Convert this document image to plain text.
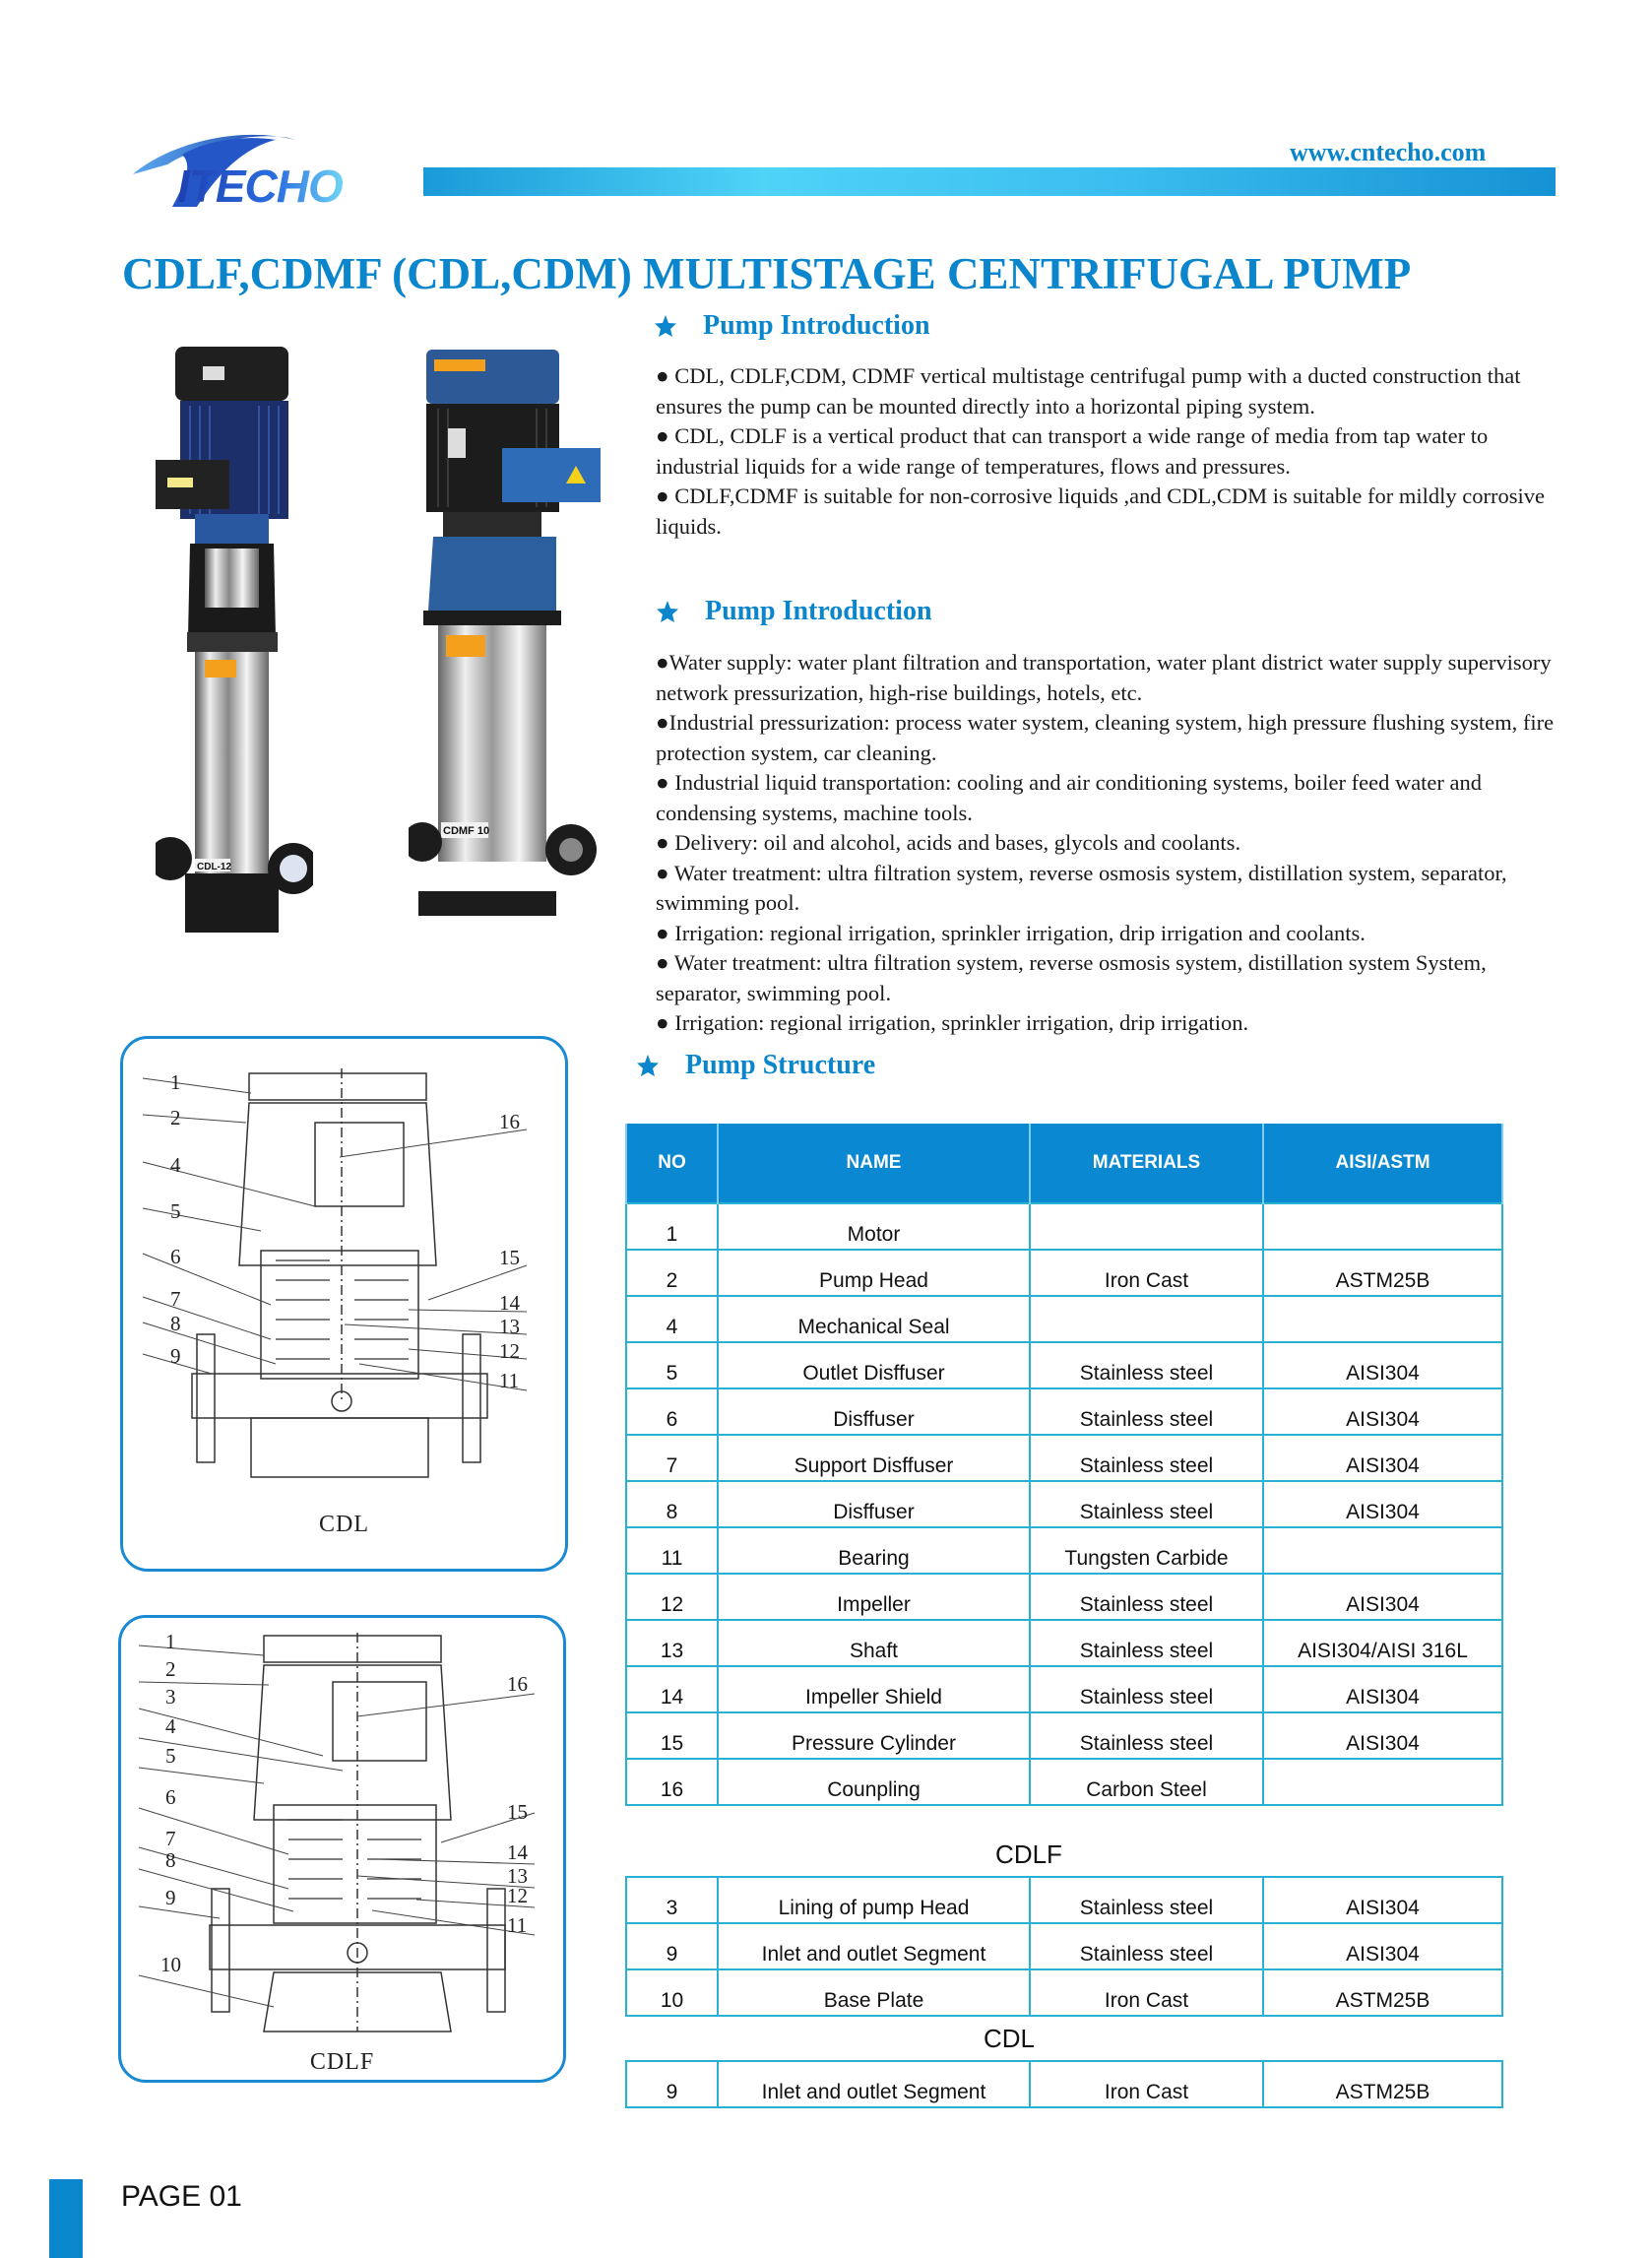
ITECHO
www.cntecho.com
CDLF,CDMF (CDL,CDM) MULTISTAGE CENTRIFUGAL PUMP
CDL-12
CDMF 10
Pump Introduction

● CDL, CDLF,CDM, CDMF vertical multistage centrifugal pump with a ducted construction that ensures the pump can be mounted directly into a horizontal piping system.

● CDL, CDLF is a vertical product that can transport a wide range of media from tap water to industrial liquids for a wide range of temperatures, flows and pressures.

● CDLF,CDMF is suitable for non-corrosive liquids ,and CDL,CDM is suitable for mildly corrosive liquids.

Pump Introduction

●Water supply: water plant filtration and transportation, water plant district water supply supervisory network pressurization, high-rise buildings, hotels, etc.

●Industrial pressurization: process water system, cleaning system, high pressure flushing system, fire protection system, car cleaning.

● Industrial liquid transportation: cooling and air conditioning systems, boiler feed water and condensing systems, machine tools.

● Delivery: oil and alcohol, acids and bases, glycols and coolants.

● Water treatment: ultra filtration system, reverse osmosis system, distillation system, separator, swimming pool.

● Irrigation: regional irrigation, sprinkler irrigation, drip irrigation and coolants.

● Water treatment: ultra filtration system, reverse osmosis system, distillation system System, separator, swimming pool.

● Irrigation: regional irrigation, sprinkler irrigation, drip irrigation.

Pump Structure
1
2
4
5
6
7
8
9
16
15
14
13
12
11
CDL
1
2
3
4
5
6
7
8
9
10
16
15
14
13
12
11
CDLF
NO	NAME	MATERIALS	AISI/ASTM
1	Motor		
2	Pump Head	Iron Cast	ASTM25B
4	Mechanical Seal		
5	Outlet Disffuser	Stainless steel	AISI304
6	Disffuser	Stainless steel	AISI304
7	Support Disffuser	Stainless steel	AISI304
8	Disffuser	Stainless steel	AISI304
11	Bearing	Tungsten Carbide	
12	Impeller	Stainless steel	AISI304
13	Shaft	Stainless steel	AISI304/AISI 316L
14	Impeller Shield	Stainless steel	AISI304
15	Pressure Cylinder	Stainless steel	AISI304
16	Counpling	Carbon Steel	
CDLF
3	Lining of pump Head	Stainless steel	AISI304
9	Inlet and outlet Segment	Stainless steel	AISI304
10	Base Plate	Iron Cast	ASTM25B
CDL
9	Inlet and outlet Segment	Iron Cast	ASTM25B
PAGE 01
